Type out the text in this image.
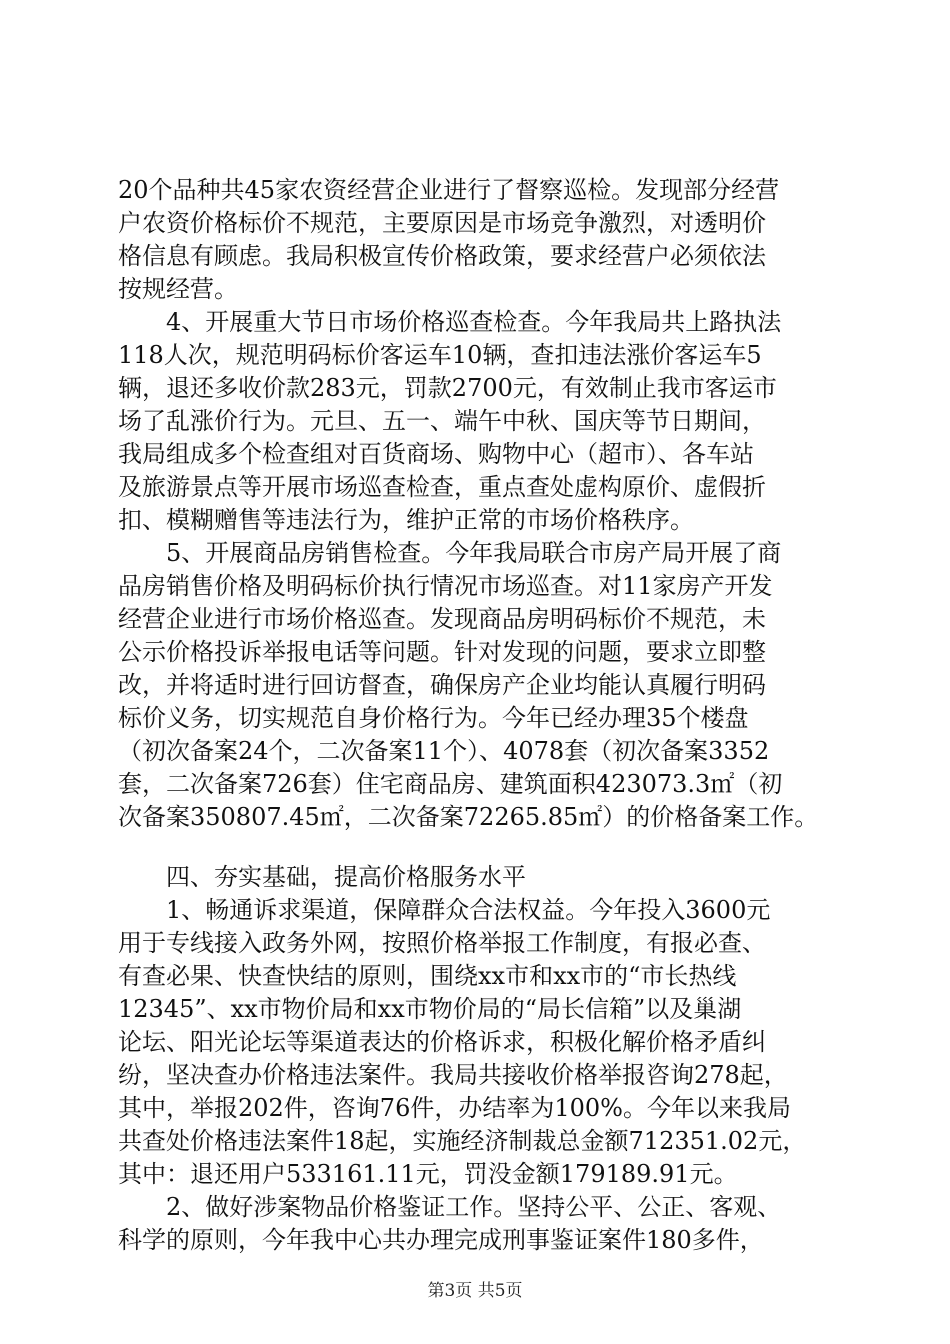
20个品种共45家农资经营企业进行了督察巡检。发现部分经营
户农资价格标价不规范，主要原因是市场竞争激烈，对透明价
格信息有顾虑。我局积极宣传价格政策，要求经营户必须依法
按规经营。
4、开展重大节日市场价格巡查检查。今年我局共上路执法
118人次，规范明码标价客运车10辆，查扣违法涨价客运车5
辆，退还多收价款283元，罚款2700元，有效制止我市客运市
场了乱涨价行为。元旦、五一、端午中秋、国庆等节日期间，
我局组成多个检查组对百货商场、购物中心（超市）、各车站
及旅游景点等开展市场巡查检查，重点查处虚构原价、虚假折
扣、模糊赠售等违法行为，维护正常的市场价格秩序。
5、开展商品房销售检查。今年我局联合市房产局开展了商
品房销售价格及明码标价执行情况市场巡查。对11家房产开发
经营企业进行市场价格巡查。发现商品房明码标价不规范，未
公示价格投诉举报电话等问题。针对发现的问题，要求立即整
改，并将适时进行回访督查，确保房产企业均能认真履行明码
标价义务，切实规范自身价格行为。今年已经办理35个楼盘
（初次备案24个，二次备案11个）、4078套（初次备案3352
套，二次备案726套）住宅商品房、建筑面积423073.3㎡（初
次备案350807.45㎡，二次备案72265.85㎡）的价格备案工作。
四、夯实基础，提高价格服务水平
1、畅通诉求渠道，保障群众合法权益。今年投入3600元
用于专线接入政务外网，按照价格举报工作制度，有报必查、
有查必果、快查快结的原则，围绕xx市和xx市的“市长热线
12345”、xx市物价局和xx市物价局的“局长信箱”以及巢湖
论坛、阳光论坛等渠道表达的价格诉求，积极化解价格矛盾纠
纷，坚决查办价格违法案件。我局共接收价格举报咨询278起，
其中，举报202件，咨询76件，办结率为100%。今年以来我局
共查处价格违法案件18起，实施经济制裁总金额712351.02元，
其中：退还用户533161.11元，罚没金额179189.91元。
2、做好涉案物品价格鉴证工作。坚持公平、公正、客观、
科学的原则，今年我中心共办理完成刑事鉴证案件180多件，
第3页 共5页
